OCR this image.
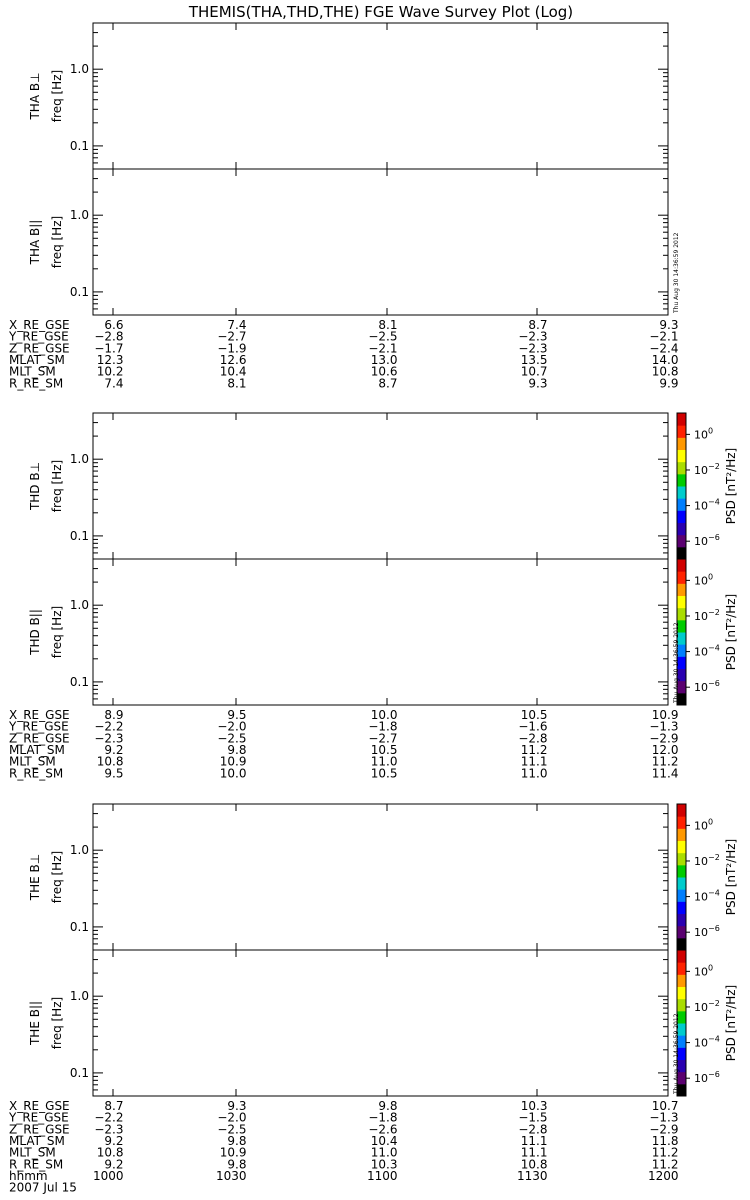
THEMIS(THA,THD,THE) FGE Wave Survey Plot (Log)
1.0
0.1
THA B⊥ freq [Hz]
1.0
0.1
THA B|| freq [Hz]	Thu Aug 30 14:36:59 2012
X_RE_GSE	6.6	7.4	8.1	8.7	9.3
Y_RE_GSE −2.8	−2.7	−2.5	−2.3	−2.1
Z_RE_GSE −1.7	−1.9	−2.1	−2.3	−2.4
MLAT_SM	12.3	12.6	13.0	13.5	14.0
MLT_SM	10.2	10.4	10.6	10.7	10.8
R_RE_SM	7.4	8.1	8.7	9.3	9.9
1.0
0.1
THD B⊥ freq [Hz]
$10^0$
$10^{-2}$
$10^{-4}$
$10^{-6}$
PSD [nT²/Hz]
1.0
0.1
THD B|| freq [Hz]
$10^0$
$10^{-2}$
$10^{-4}$
$10^{-6}$
PSD [nT²/Hz]
Thu Aug 30 14:36:59 2012
X_RE_GSE	8.9	9.5	10.0	10.5	10.9
Y_RE_GSE −2.2	−2.0	−1.8	−1.6	−1.3
Z_RE_GSE −2.3	−2.5	−2.7	−2.8	−2.9
MLAT_SM	9.2	9.8	10.5	11.2	12.0
MLT_SM	10.8	10.9	11.0	11.1	11.2
R_RE_SM	9.5	10.0	10.5	11.0	11.4
1.0
0.1
THE B⊥ freq [Hz]
$10^0$
$10^{-2}$
$10^{-4}$
$10^{-6}$
PSD [nT²/Hz]
1.0
0.1
THE B|| freq [Hz]
$10^0$
$10^{-2}$
$10^{-4}$
$10^{-6}$
PSD [nT²/Hz]
Thu Aug 30 14:36:59 2012
X_RE_GSE	8.7	9.3	9.8	10.3	10.7
Y_RE_GSE −2.2	−2.0	−1.8	−1.5	−1.3
Z_RE_GSE −2.3	−2.5	−2.6	−2.8	−2.9
MLAT_SM	9.2	9.8	10.4	11.1	11.8
MLT_SM	10.8	10.9	11.0	11.1	11.2
R_RE_SM	9.2	9.8	10.3	10.8	11.2
hhmm	1000	1030	1100	1130	1200
2007 Jul 15
